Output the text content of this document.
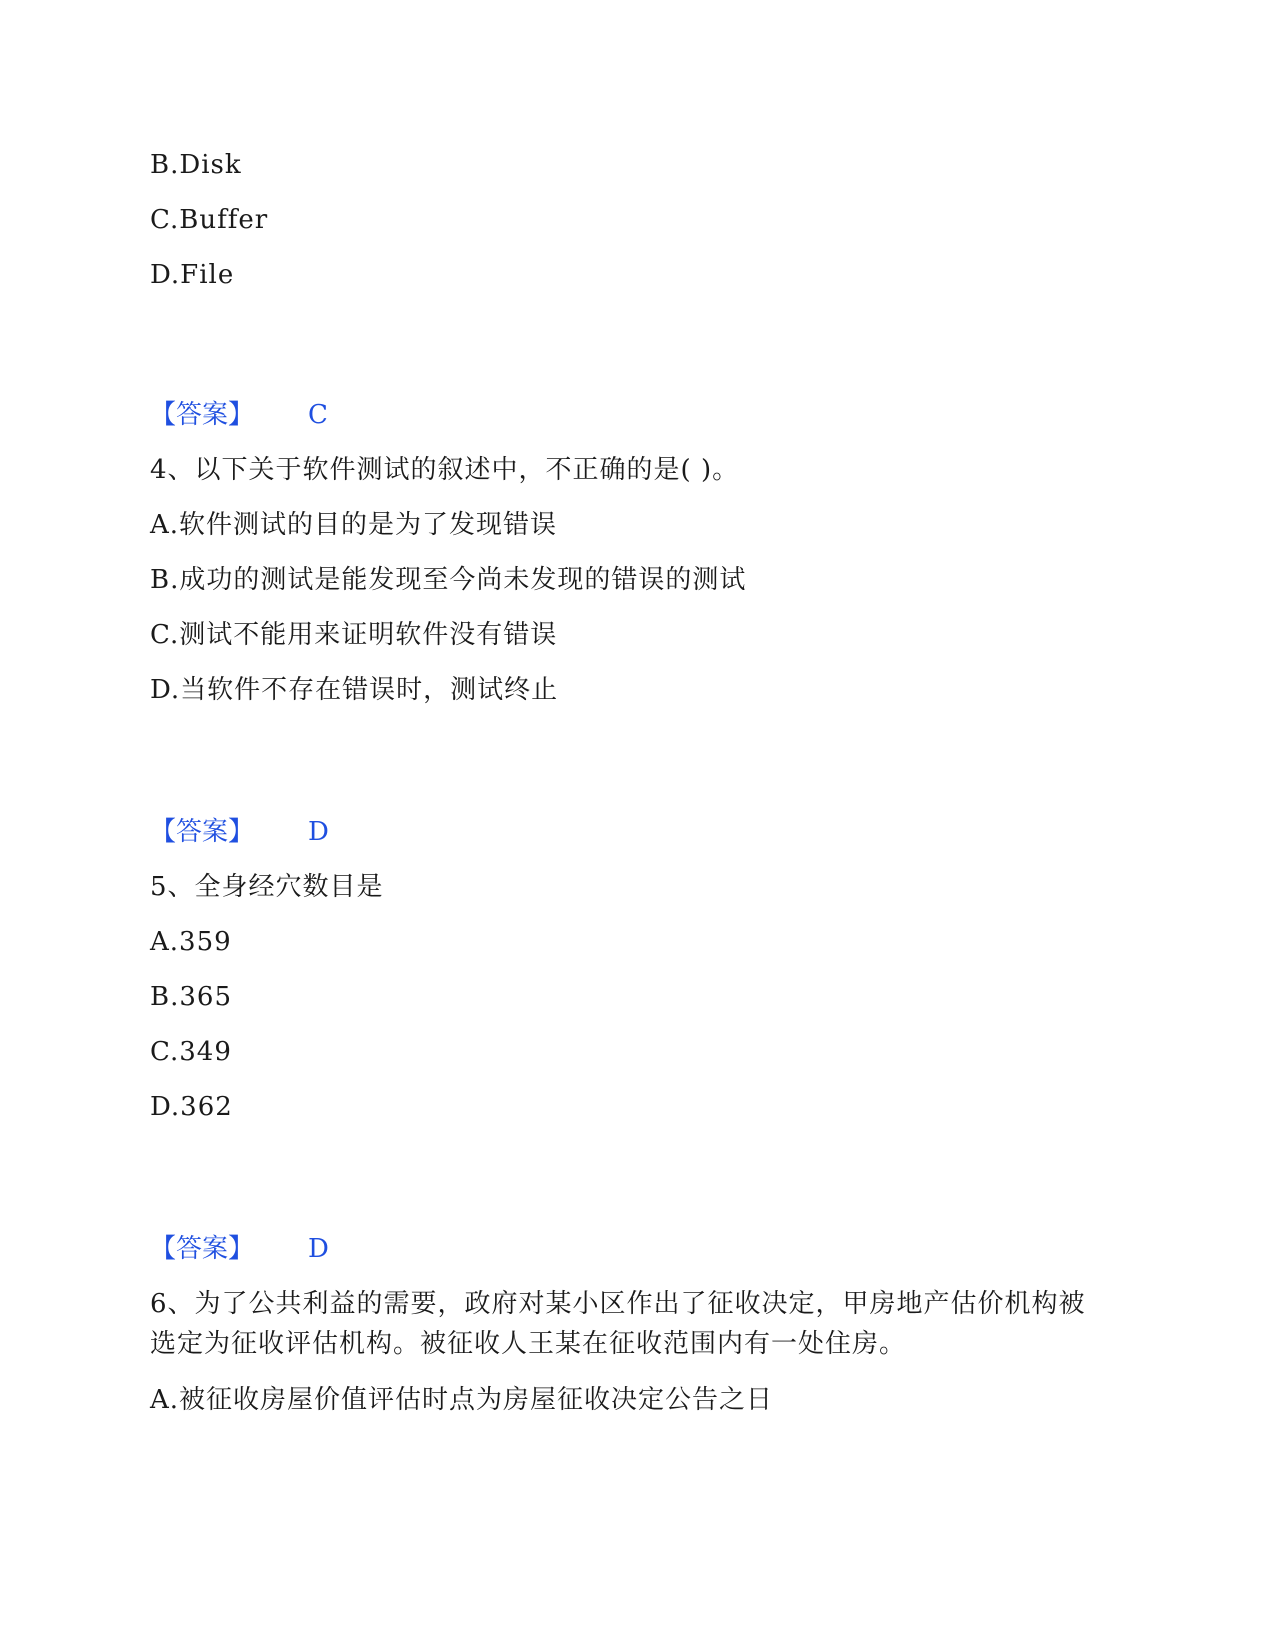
B.Disk
C.Buffer
D.File
【答案】 C
4、以下关于软件测试的叙述中，不正确的是( )。
A.软件测试的目的是为了发现错误
B.成功的测试是能发现至今尚未发现的错误的测试
C.测试不能用来证明软件没有错误
D.当软件不存在错误时，测试终止
【答案】 D
5、全身经穴数目是
A.359
B.365
C.349
D.362
【答案】 D
6、为了公共利益的需要，政府对某小区作出了征收决定，甲房地产估价机构被选定为征收评估机构。被征收人王某在征收范围内有一处住房。
A.被征收房屋价值评估时点为房屋征收决定公告之日
